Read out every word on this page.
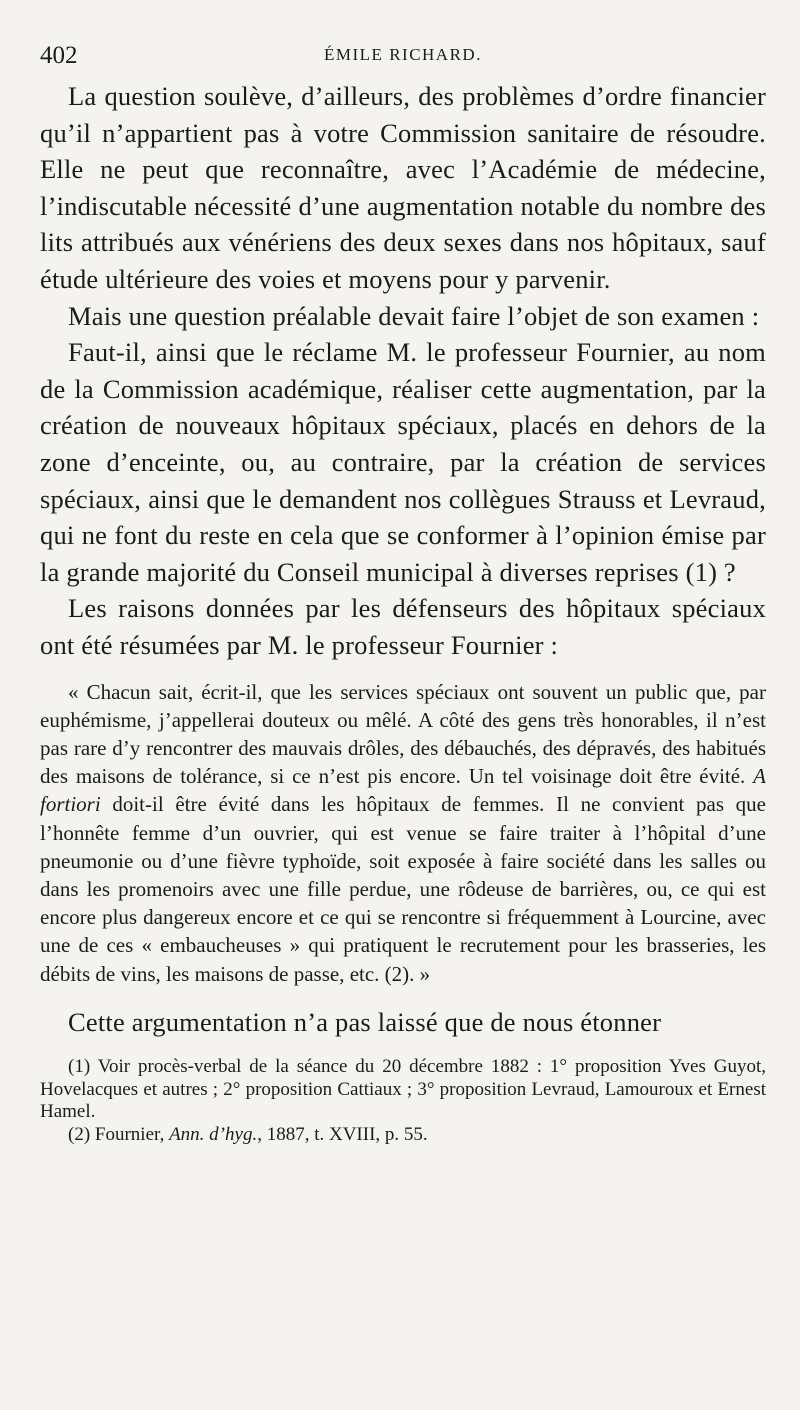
402	ÉMILE RICHARD.

La question soulève, d’ailleurs, des problèmes d’ordre financier qu’il n’appartient pas à votre Commission sanitaire de résoudre. Elle ne peut que reconnaître, avec l’Académie de médecine, l’indiscutable nécessité d’une augmentation notable du nombre des lits attribués aux vénériens des deux sexes dans nos hôpitaux, sauf étude ultérieure des voies et moyens pour y parvenir.

Mais une question préalable devait faire l’objet de son examen :

Faut-il, ainsi que le réclame M. le professeur Fournier, au nom de la Commission académique, réaliser cette augmentation, par la création de nouveaux hôpitaux spéciaux, placés en dehors de la zone d’enceinte, ou, au contraire, par la création de services spéciaux, ainsi que le demandent nos collègues Strauss et Levraud, qui ne font du reste en cela que se conformer à l’opinion émise par la grande majorité du Conseil municipal à diverses reprises (1) ?

Les raisons données par les défenseurs des hôpitaux spéciaux ont été résumées par M. le professeur Fournier :

« Chacun sait, écrit-il, que les services spéciaux ont souvent un public que, par euphémisme, j’appellerai douteux ou mêlé. A côté des gens très honorables, il n’est pas rare d’y rencontrer des mauvais drôles, des débauchés, des dépravés, des habitués des maisons de tolérance, si ce n’est pis encore. Un tel voisinage doit être évité. A fortiori doit-il être évité dans les hôpitaux de femmes. Il ne convient pas que l’honnête femme d’un ouvrier, qui est venue se faire traiter à l’hôpital d’une pneumonie ou d’une fièvre typhoïde, soit exposée à faire société dans les salles ou dans les promenoirs avec une fille perdue, une rôdeuse de barrières, ou, ce qui est encore plus dangereux encore et ce qui se rencontre si fréquemment à Lourcine, avec une de ces « embaucheuses » qui pratiquent le recrutement pour les brasseries, les débits de vins, les maisons de passe, etc. (2). »

Cette argumentation n’a pas laissé que de nous étonner

(1) Voir procès-verbal de la séance du 20 décembre 1882 : 1° proposition Yves Guyot, Hovelacques et autres ; 2° proposition Cattiaux ; 3° proposition Levraud, Lamouroux et Ernest Hamel.

(2) Fournier, Ann. d’hyg., 1887, t. XVIII, p. 55.
